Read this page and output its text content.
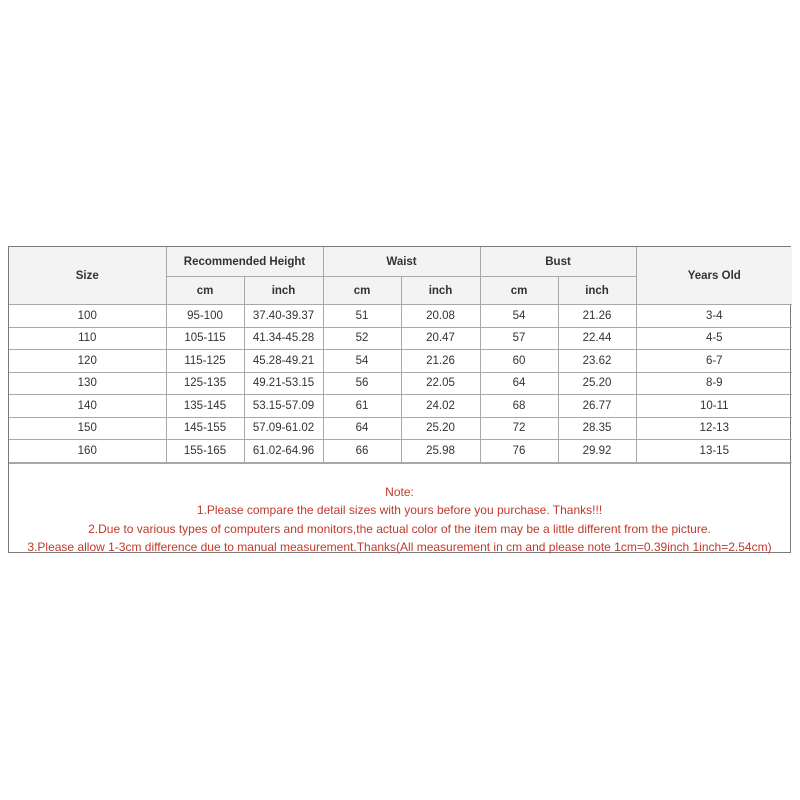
Size	Recommended Height		Waist		Bust		Years Old
	cm	inch	cm	inch	cm	inch	
100	95-100	37.40-39.37	51	20.08	54	21.26	3-4
110	105-115	41.34-45.28	52	20.47	57	22.44	4-5
120	115-125	45.28-49.21	54	21.26	60	23.62	6-7
130	125-135	49.21-53.15	56	22.05	64	25.20	8-9
140	135-145	53.15-57.09	61	24.02	68	26.77	10-11
150	145-155	57.09-61.02	64	25.20	72	28.35	12-13
160	155-165	61.02-64.96	66	25.98	76	29.92	13-15
Note:
1.Please compare the detail sizes with yours before you purchase. Thanks!!!
2.Due to various types of computers and monitors,the actual color of the item may be a little different from the picture.
3.Please allow 1-3cm difference due to manual measurement.Thanks(All measurement in cm and please note 1cm=0.39inch 1inch=2.54cm)
